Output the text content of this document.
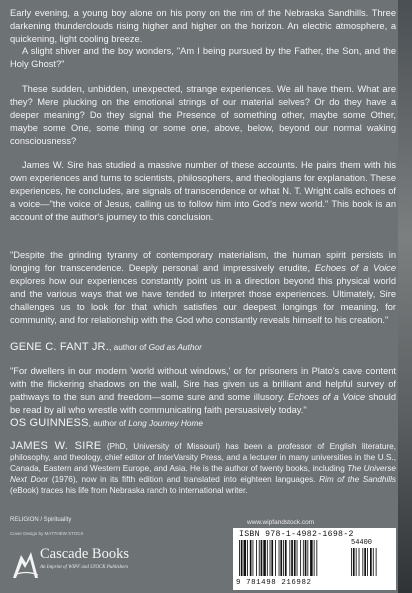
Early evening, a young boy alone on his pony on the rim of the Nebraska Sandhills. Three darkening thunderclouds rising higher and higher on the horizon. An electric atmosphere, a quickening, light cooling breeze.

A slight shiver and the boy wonders, "Am I being pursued by the Father, the Son, and the Holy Ghost?"

These sudden, unbidden, unexpected, strange experiences. We all have them. What are they? Mere plucking on the emotional strings of our material selves? Or do they have a deeper meaning? Do they signal the Presence of something other, maybe some Other, maybe some One, some thing or some one, above, below, beyond our normal waking consciousness?

James W. Sire has studied a massive number of these accounts. He pairs them with his own experiences and turns to scientists, philosophers, and theologians for explanation. These experiences, he concludes, are signals of transcendence or what N. T. Wright calls echoes of a voice—"the voice of Jesus, calling us to follow him into God's new world." This book is an account of the author's journey to this conclusion.

"Despite the grinding tyranny of contemporary materialism, the human spirit persists in longing for transcendence. Deeply personal and impressively erudite, Echoes of a Voice explores how our experiences constantly point us in a direction beyond this physical world and the various ways that we have tended to interpret those experiences. Ultimately, Sire challenges us to look for that which satisfies our deepest longings for meaning, for community, and for relationship with the God who constantly reveals himself to his creation."

GENE C. FANT JR., author of God as Author

"For dwellers in our modern 'world without windows,' or for prisoners in Plato's cave content with the flickering shadows on the wall, Sire has given us a brilliant and helpful survey of pathways to the sun and freedom—some sure and some illusory. Echoes of a Voice should be read by all who wrestle with communicating faith persuasively today."

OS GUINNESS, author of Long Journey Home

JAMES W. SIRE (PhD, University of Missouri) has been a professor of English literature, philosophy, and theology, chief editor of InterVarsity Press, and a lecturer in many universities in the U.S., Canada, Eastern and Western Europe, and Asia. He is the author of twenty books, including The Universe Next Door (1976), now in its fifth edition and translated into eighteen languages. Rim of the Sandhills (eBook) traces his life from Nebraska ranch to international writer.

RELIGION / Spirituality
Cover Design by MATTHEW STOCK
Cascade Books
An Imprint of WIPF and STOCK Publishers
www.wipfandstock.com
ISBN 978-1-4982-1698-2
54400
9 781498 216982
